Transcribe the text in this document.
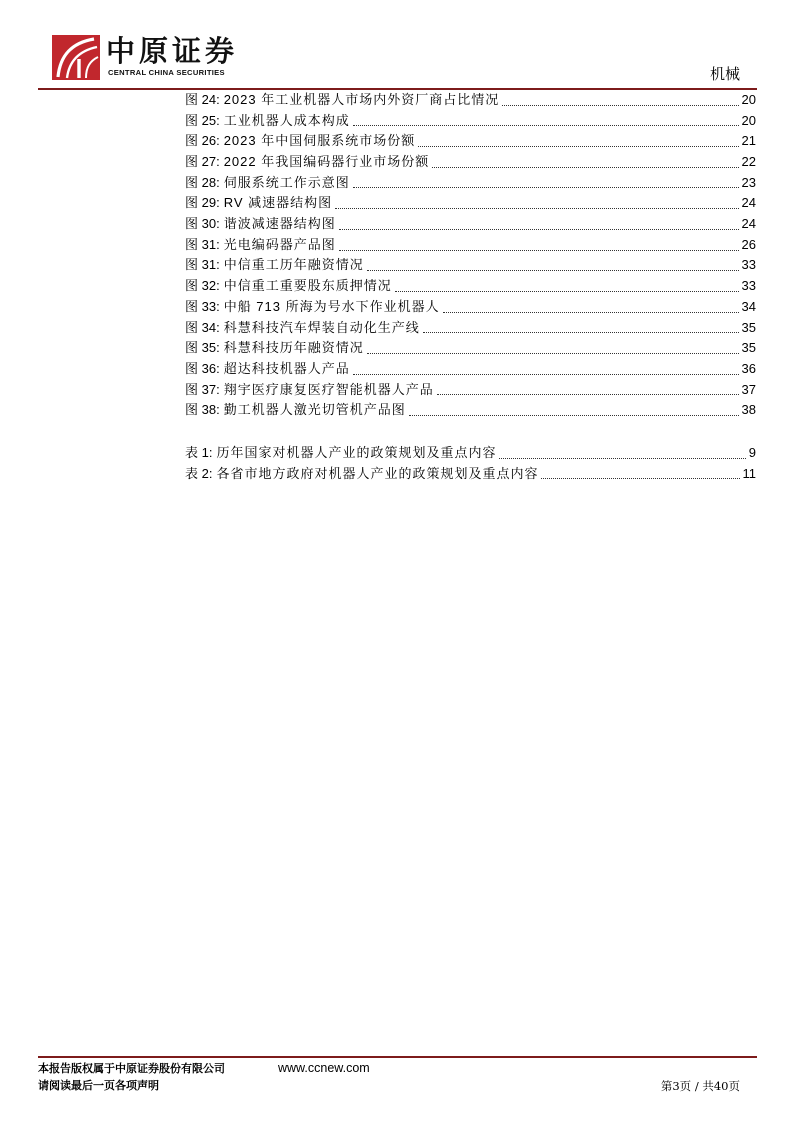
中原证券
CENTRAL CHINA SECURITIES	机械
图 24: 2023 年工业机器人市场内外资厂商占比情况	20
图 25: 工业机器人成本构成	20
图 26: 2023 年中国伺服系统市场份额	21
图 27: 2022 年我国编码器行业市场份额	22
图 28: 伺服系统工作示意图	23
图 29: RV 减速器结构图	24
图 30: 谐波减速器结构图	24
图 31: 光电编码器产品图	26
图 31: 中信重工历年融资情况	33
图 32: 中信重工重要股东质押情况	33
图 33: 中船 713 所海为号水下作业机器人	34
图 34: 科慧科技汽车焊装自动化生产线	35
图 35: 科慧科技历年融资情况	35
图 36: 超达科技机器人产品	36
图 37: 翔宇医疗康复医疗智能机器人产品	37
图 38: 勤工机器人激光切管机产品图	38
表 1: 历年国家对机器人产业的政策规划及重点内容	9
表 2: 各省市地方政府对机器人产业的政策规划及重点内容	11
本报告版权属于中原证券股份有限公司	www.ccnew.com
请阅读最后一页各项声明	第3页 / 共40页
